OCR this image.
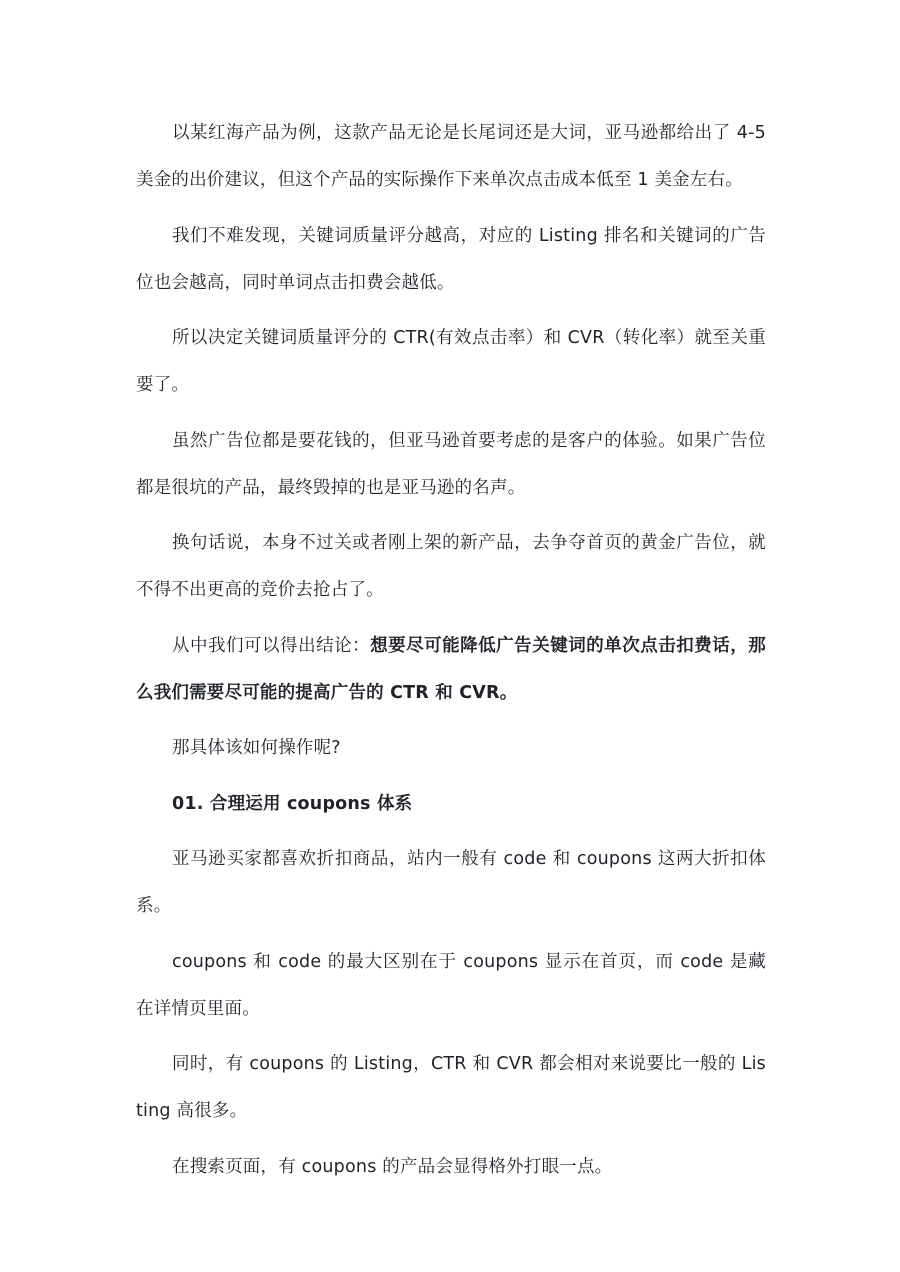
以某红海产品为例，这款产品无论是长尾词还是大词，亚马逊都给出了 4-5 美金的出价建议，但这个产品的实际操作下来单次点击成本低至 1 美金左右。

我们不难发现，关键词质量评分越高，对应的 Listing 排名和关键词的广告位也会越高，同时单词点击扣费会越低。

所以决定关键词质量评分的 CTR(有效点击率）和 CVR（转化率）就至关重要了。

虽然广告位都是要花钱的，但亚马逊首要考虑的是客户的体验。如果广告位都是很坑的产品，最终毁掉的也是亚马逊的名声。

换句话说，本身不过关或者刚上架的新产品，去争夺首页的黄金广告位，就不得不出更高的竞价去抢占了。

从中我们可以得出结论：想要尽可能降低广告关键词的单次点击扣费话，那么我们需要尽可能的提高广告的 CTR 和 CVR。

那具体该如何操作呢?

01. 合理运用 coupons 体系

亚马逊买家都喜欢折扣商品，站内一般有 code 和 coupons 这两大折扣体系。

coupons 和 code 的最大区别在于 coupons 显示在首页，而 code 是藏在详情页里面。

同时，有 coupons 的 Listing，CTR 和 CVR 都会相对来说要比一般的 Listing 高很多。

在搜索页面，有 coupons 的产品会显得格外打眼一点。
